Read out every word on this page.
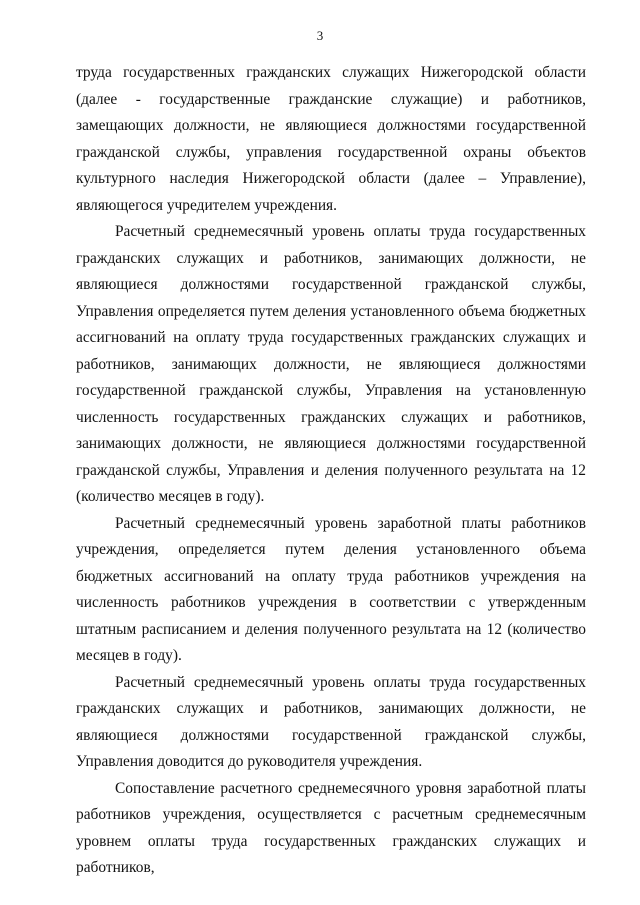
3

труда государственных гражданских служащих Нижегородской области (далее - государственные гражданские служащие) и работников, замещающих должности, не являющиеся должностями государственной гражданской службы, управления государственной охраны объектов культурного наследия Нижегородской области (далее – Управление), являющегося учредителем учреждения.

Расчетный среднемесячный уровень оплаты труда государственных гражданских служащих и работников, занимающих должности, не являющиеся должностями государственной гражданской службы, Управления определяется путем деления установленного объема бюджетных ассигнований на оплату труда государственных гражданских служащих и работников, занимающих должности, не являющиеся должностями государственной гражданской службы, Управления на установленную численность государственных гражданских служащих и работников, занимающих должности, не являющиеся должностями государственной гражданской службы, Управления и деления полученного результата на 12 (количество месяцев в году).

Расчетный среднемесячный уровень заработной платы работников учреждения, определяется путем деления установленного объема бюджетных ассигнований на оплату труда работников учреждения на численность работников учреждения в соответствии с утвержденным штатным расписанием и деления полученного результата на 12 (количество месяцев в году).

Расчетный среднемесячный уровень оплаты труда государственных гражданских служащих и работников, занимающих должности, не являющиеся должностями государственной гражданской службы, Управления доводится до руководителя учреждения.

Сопоставление расчетного среднемесячного уровня заработной платы работников учреждения, осуществляется с расчетным среднемесячным уровнем оплаты труда государственных гражданских служащих и работников,
